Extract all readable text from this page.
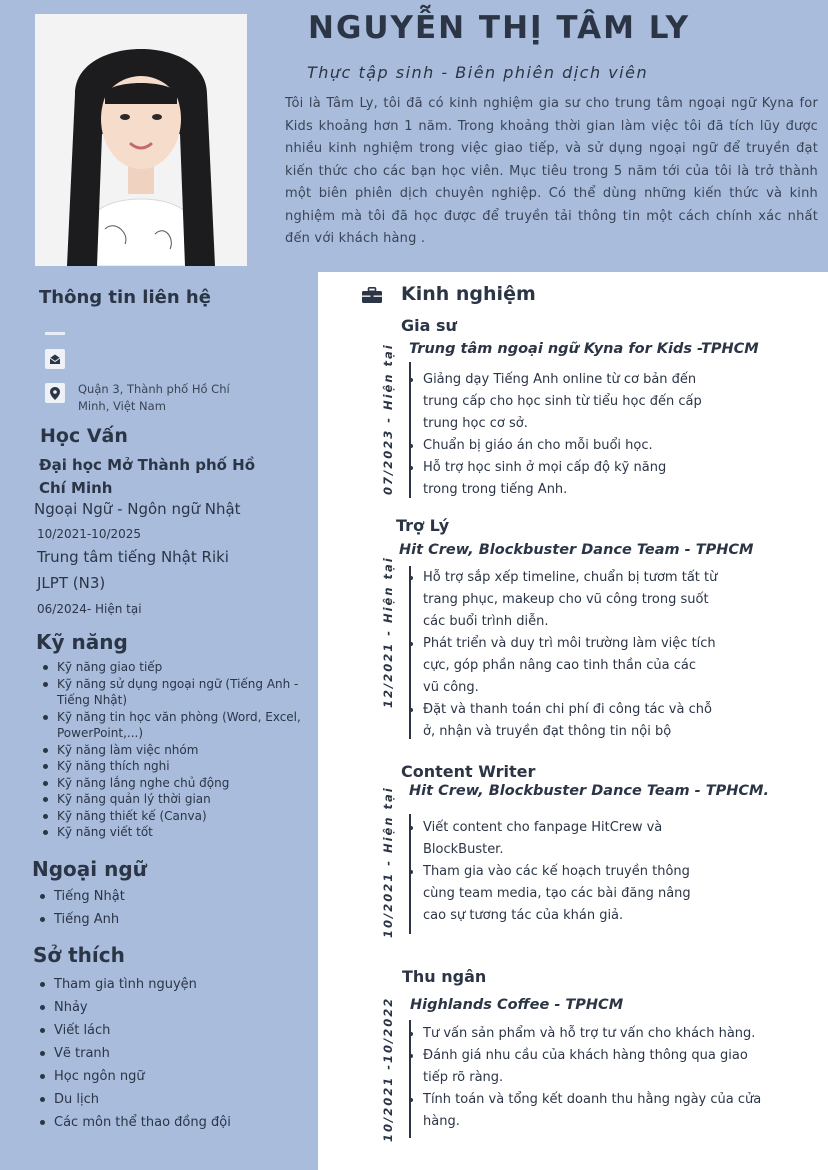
NGUYỄN THỊ TÂM LY
Thực tập sinh - Biên phiên dịch viên
Tôi là Tâm Ly, tôi đã có kinh nghiệm gia sư cho trung tâm ngoại ngữ Kyna for Kids khoảng hơn 1 năm. Trong khoảng thời gian làm việc tôi đã tích lũy được nhiều kinh nghiệm trong việc giao tiếp, và sử dụng ngoại ngữ để truyền đạt kiến thức cho các bạn học viên. Mục tiêu trong 5 năm tới của tôi là trở thành một biên phiên dịch chuyên nghiệp. Có thể dùng những kiến thức và kinh nghiệm mà tôi đã học được để truyền tải thông tin một cách chính xác nhất đến với khách hàng .
Thông tin liên hệ
Quận 3, Thành phố Hồ Chí Minh, Việt Nam
Học Vấn
Đại học Mở Thành phố Hồ Chí Minh
Ngoại Ngữ - Ngôn ngữ Nhật
10/2021-10/2025
Trung tâm tiếng Nhật Riki
JLPT (N3)
06/2024- Hiện tại
Kỹ năng
Kỹ năng giao tiếp
Kỹ năng sử dụng ngoại ngữ (Tiếng Anh - Tiếng Nhật)
Kỹ năng tin học văn phòng (Word, Excel, PowerPoint,...)
Kỹ năng làm việc nhóm
Kỹ năng thích nghi
Kỹ năng lắng nghe chủ động
Kỹ năng quản lý thời gian
Kỹ năng thiết kế (Canva)
Kỹ năng viết tốt
Ngoại ngữ
Tiếng Nhật
Tiếng Anh
Sở thích
Tham gia tình nguyện
Nhảy
Viết lách
Vẽ tranh
Học ngôn ngữ
Du lịch
Các môn thể thao đồng đội
Kinh nghiệm
Gia sư
Trung tâm ngoại ngữ Kyna for Kids -TPHCM
07/2023 - Hiện tại Giảng dạy Tiếng Anh online từ cơ bản đến
trung cấp cho học sinh từ tiểu học đến cấp
trung học cơ sở.
Chuẩn bị giáo án cho mỗi buổi học.
Hỗ trợ học sinh ở mọi cấp độ kỹ năng
trong trong tiếng Anh.
Trợ Lý
Hit Crew, Blockbuster Dance Team - TPHCM
12/2021 - Hiện tại Hỗ trợ sắp xếp timeline, chuẩn bị tươm tất từ
trang phục, makeup cho vũ công trong suốt
các buổi trình diễn.
Phát triển và duy trì môi trường làm việc tích
cực, góp phần nâng cao tinh thần của các
vũ công.
Đặt và thanh toán chi phí đi công tác và chỗ
ở, nhận và truyền đạt thông tin nội bộ
Content Writer
Hit Crew, Blockbuster Dance Team - TPHCM.
10/2021 - Hiện tại Viết content cho fanpage HitCrew và
BlockBuster.
Tham gia vào các kế hoạch truyền thông
cùng team media, tạo các bài đăng nâng
cao sự tương tác của khán giả.
Thu ngân
Highlands Coffee - TPHCM
10/2021 -10/2022 Tư vấn sản phẩm và hỗ trợ tư vấn cho khách hàng.
Đánh giá nhu cầu của khách hàng thông qua giao
tiếp rõ ràng.
Tính toán và tổng kết doanh thu hằng ngày của cửa
hàng.
